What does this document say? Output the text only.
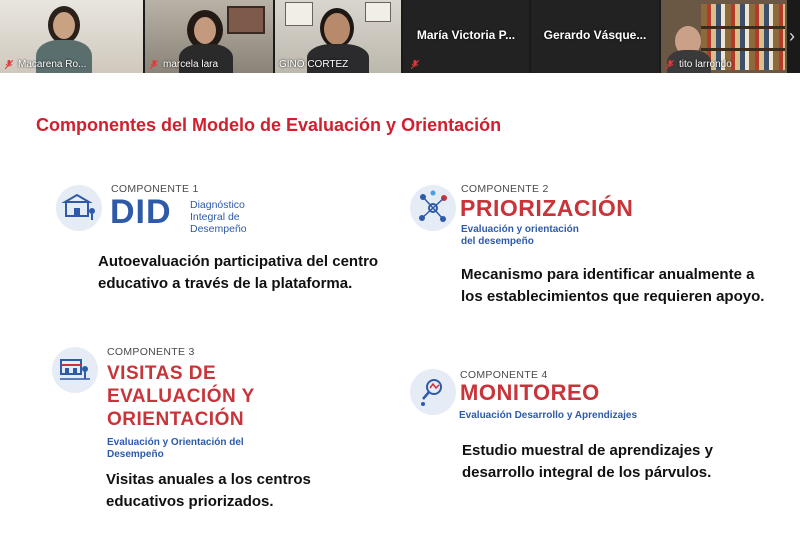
Macarena Ro...	marcela lara	GINO CORTEZ
María Victoria P...	Gerardo Vásque...
tito larrondo
›
Componentes del Modelo de Evaluación y Orientación
COMPONENTE 1
DID Diagnóstico
Integral de
Desempeño
Autoevaluación participativa del centro
educativo a través de la plataforma.
COMPONENTE 2
PRIORIZACIÓN
Evaluación y orientación
del desempeño
Mecanismo para identificar anualmente a
los establecimientos que requieren apoyo.
COMPONENTE 3
VISITAS DE
EVALUACIÓN Y
ORIENTACIÓN
Evaluación y Orientación del
Desempeño
Visitas anuales a los centros
educativos priorizados.
COMPONENTE 4
MONITOREO
Evaluación Desarrollo y Aprendizajes
Estudio muestral de aprendizajes y
desarrollo integral de los párvulos.
